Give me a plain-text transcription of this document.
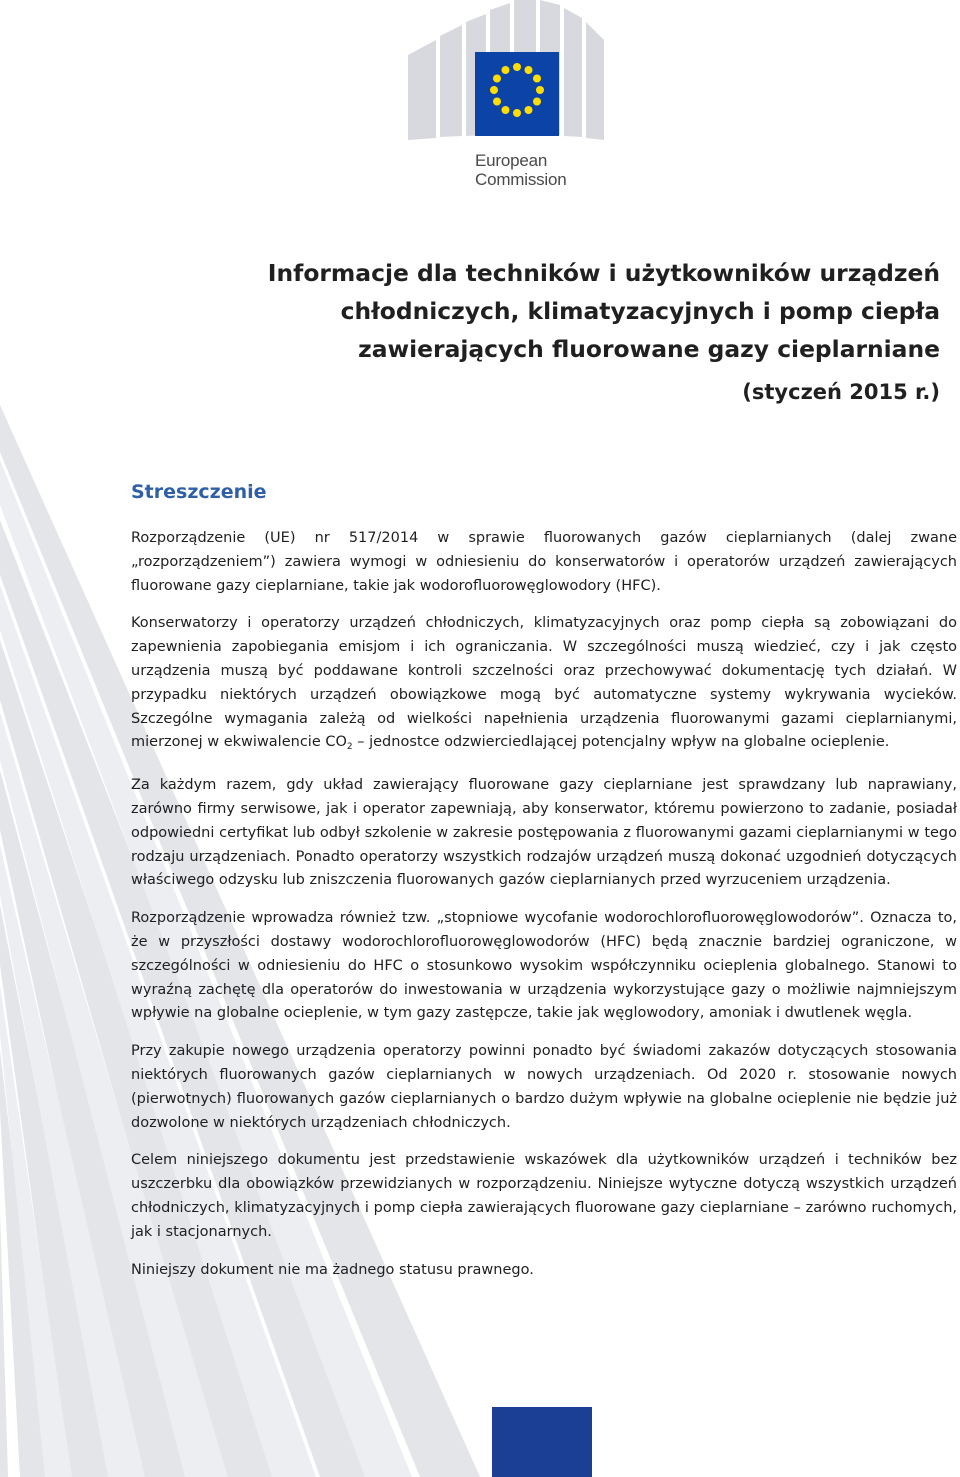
European
Commission
Informacje dla techników i użytkowników urządzeń
chłodniczych, klimatyzacyjnych i pomp ciepła
zawierających fluorowane gazy cieplarniane
(styczeń 2015 r.)
Streszczenie

Rozporządzenie (UE) nr 517/2014 w sprawie fluorowanych gazów cieplarnianych (dalej zwane „rozporządzeniem”) zawiera wymogi w odniesieniu do konserwatorów i operatorów urządzeń zawierających fluorowane gazy cieplarniane, takie jak wodorofluorowęglowodory (HFC).

Konserwatorzy i operatorzy urządzeń chłodniczych, klimatyzacyjnych oraz pomp ciepła są zobowiązani do zapewnienia zapobiegania emisjom i ich ograniczania. W szczególności muszą wiedzieć, czy i jak często urządzenia muszą być poddawane kontroli szczelności oraz przechowywać dokumentację tych działań. W przypadku niektórych urządzeń obowiązkowe mogą być automatyczne systemy wykrywania wycieków. Szczególne wymagania zależą od wielkości napełnienia urządzenia fluorowanymi gazami cieplarnianymi, mierzonej w ekwiwalencie $CO_2$ – jednostce odzwierciedlającej potencjalny wpływ na globalne ocieplenie.

Za każdym razem, gdy układ zawierający fluorowane gazy cieplarniane jest sprawdzany lub naprawiany, zarówno firmy serwisowe, jak i operator zapewniają, aby konserwator, któremu powierzono to zadanie, posiadał odpowiedni certyfikat lub odbył szkolenie w zakresie postępowania z fluorowanymi gazami cieplarnianymi w tego rodzaju urządzeniach. Ponadto operatorzy wszystkich rodzajów urządzeń muszą dokonać uzgodnień dotyczących właściwego odzysku lub zniszczenia fluorowanych gazów cieplarnianych przed wyrzuceniem urządzenia.

Rozporządzenie wprowadza również tzw. „stopniowe wycofanie wodorochlorofluorowęglowodorów”. Oznacza to, że w przyszłości dostawy wodorochlorofluorowęglowodorów (HFC) będą znacznie bardziej ograniczone, w szczególności w odniesieniu do HFC o stosunkowo wysokim współczynniku ocieplenia globalnego. Stanowi to wyraźną zachętę dla operatorów do inwestowania w urządzenia wykorzystujące gazy o możliwie najmniejszym wpływie na globalne ocieplenie, w tym gazy zastępcze, takie jak węglowodory, amoniak i dwutlenek węgla.

Przy zakupie nowego urządzenia operatorzy powinni ponadto być świadomi zakazów dotyczących stosowania niektórych fluorowanych gazów cieplarnianych w nowych urządzeniach. Od 2020 r. stosowanie nowych (pierwotnych) fluorowanych gazów cieplarnianych o bardzo dużym wpływie na globalne ocieplenie nie będzie już dozwolone w niektórych urządzeniach chłodniczych.

Celem niniejszego dokumentu jest przedstawienie wskazówek dla użytkowników urządzeń i techników bez uszczerbku dla obowiązków przewidzianych w rozporządzeniu. Niniejsze wytyczne dotyczą wszystkich urządzeń chłodniczych, klimatyzacyjnych i pomp ciepła zawierających fluorowane gazy cieplarniane – zarówno ruchomych, jak i stacjonarnych.

Niniejszy dokument nie ma żadnego statusu prawnego.
